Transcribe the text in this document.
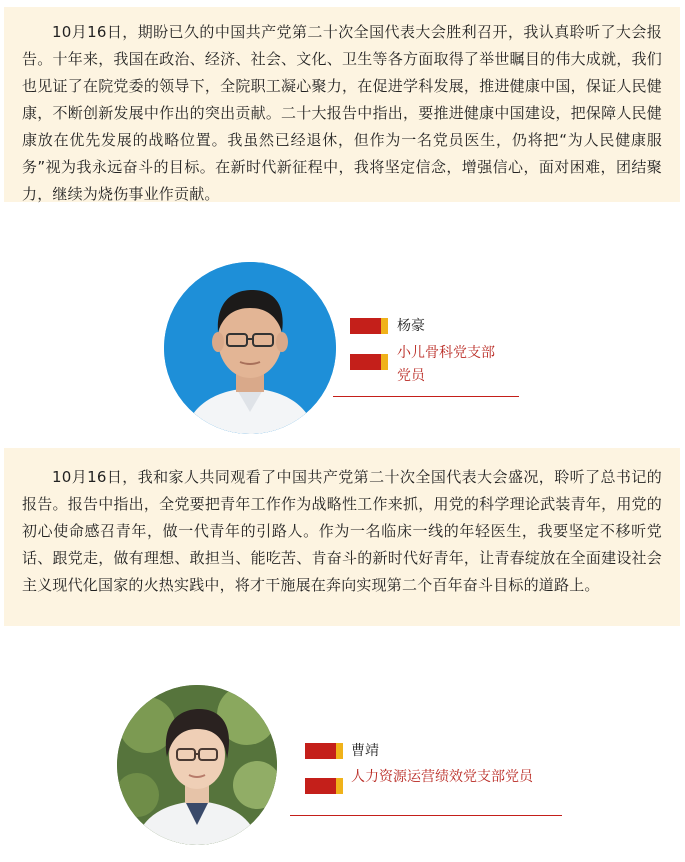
10月16日，期盼已久的中国共产党第二十次全国代表大会胜利召开，我认真聆听了大会报告。十年来，我国在政治、经济、社会、文化、卫生等各方面取得了举世瞩目的伟大成就，我们也见证了在院党委的领导下，全院职工凝心聚力，在促进学科发展，推进健康中国，保证人民健康，不断创新发展中作出的突出贡献。二十大报告中指出，要推进健康中国建设，把保障人民健康放在优先发展的战略位置。我虽然已经退休，但作为一名党员医生，仍将把“为人民健康服务”视为我永远奋斗的目标。在新时代新征程中，我将坚定信念，增强信心，面对困难，团结聚力，继续为烧伤事业作贡献。

杨豪
小儿骨科党支部
党员

10月16日，我和家人共同观看了中国共产党第二十次全国代表大会盛况，聆听了总书记的报告。报告中指出，全党要把青年工作作为战略性工作来抓，用党的科学理论武装青年，用党的初心使命感召青年，做一代青年的引路人。作为一名临床一线的年轻医生，我要坚定不移听党话、跟党走，做有理想、敢担当、能吃苦、肯奋斗的新时代好青年，让青春绽放在全面建设社会主义现代化国家的火热实践中，将才干施展在奔向实现第二个百年奋斗目标的道路上。

曹靖
人力资源运营绩效党支部党员
